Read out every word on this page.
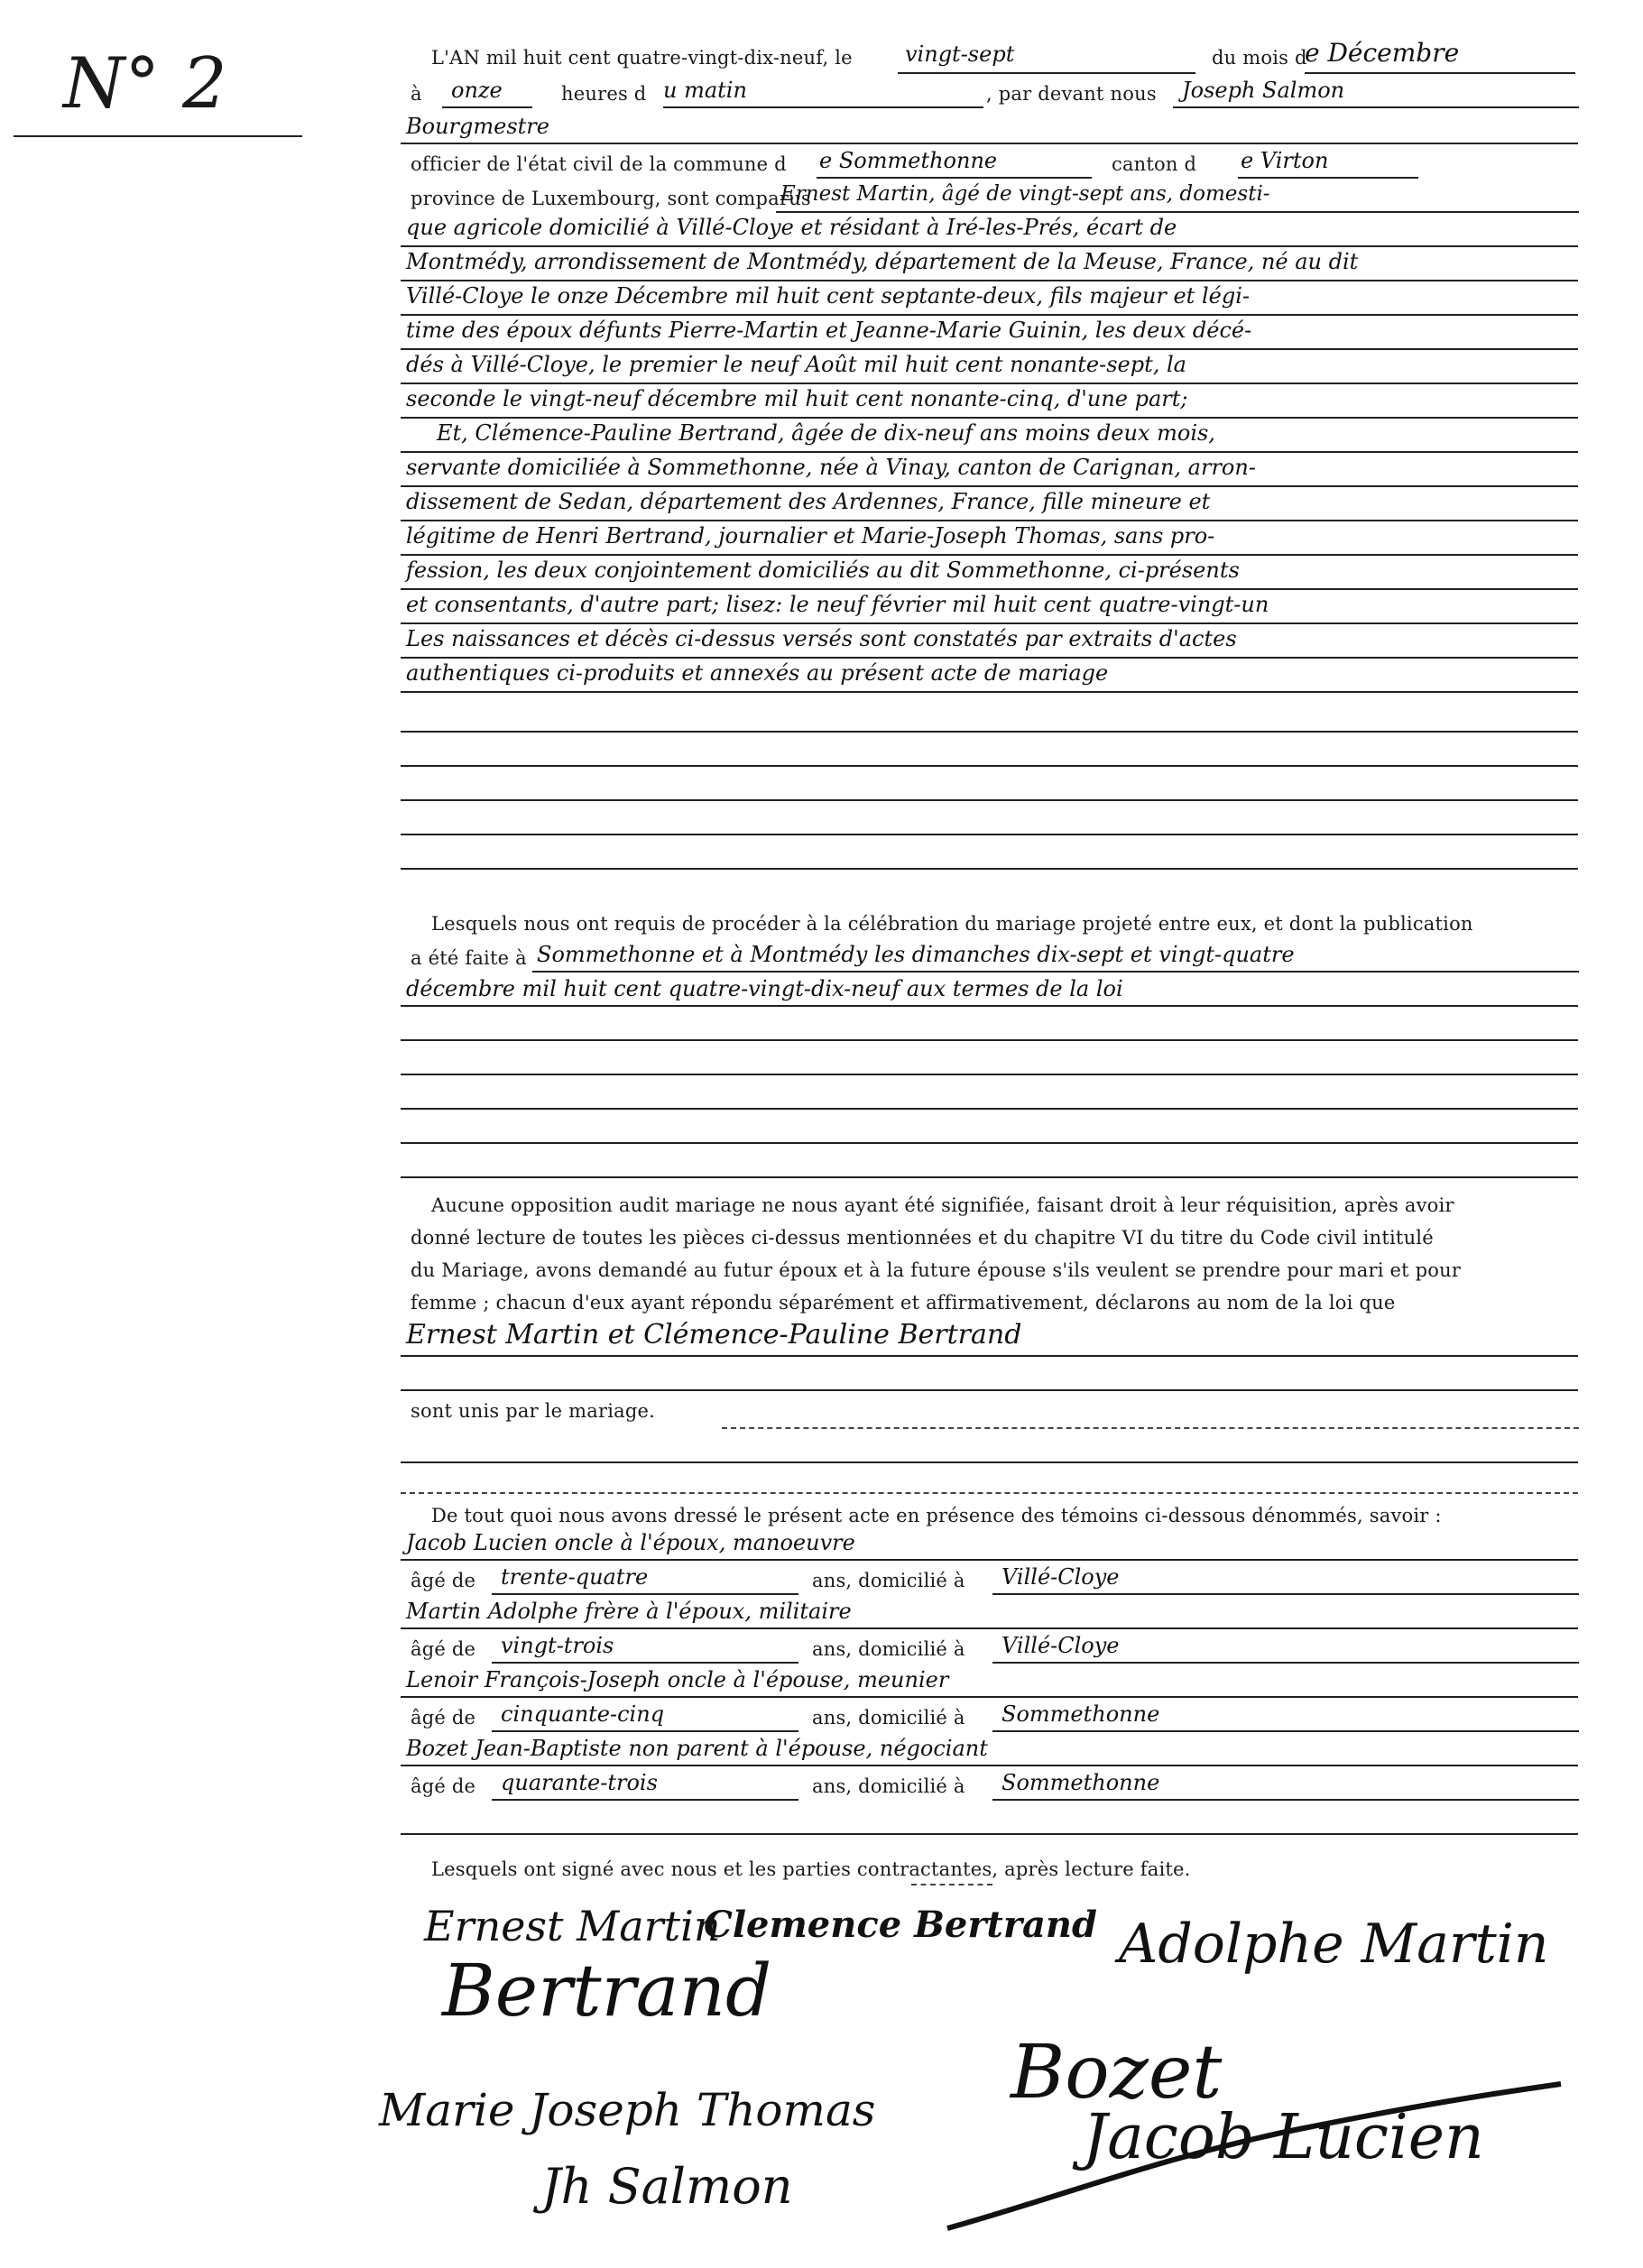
N° 2	L'AN mil huit cent quatre-vingt-dix-neuf, le vingt-sept	du mois d
e Décembre
à onze	heures d u matin	, par devant nous Joseph Salmon
Bourgmestre
officier de l'état civil de la commune d e Sommethonne	canton d e Virton
province de Luxembourg, sont comparus
Ernest Martin, âgé de vingt-sept ans, domesti-
que agricole domicilié à Villé-Cloye et résidant à Iré-les-Prés, écart de
Montmédy, arrondissement de Montmédy, département de la Meuse, France, né au dit
Villé-Cloye le onze Décembre mil huit cent septante-deux, fils majeur et légi-
time des époux défunts Pierre-Martin et Jeanne-Marie Guinin, les deux décé-
dés à Villé-Cloye, le premier le neuf Août mil huit cent nonante-sept, la
seconde le vingt-neuf décembre mil huit cent nonante-cinq, d'une part;
Et, Clémence-Pauline Bertrand, âgée de dix-neuf ans moins deux mois,
servante domiciliée à Sommethonne, née à Vinay, canton de Carignan, arron-
dissement de Sedan, département des Ardennes, France, fille mineure et
légitime de Henri Bertrand, journalier et Marie-Joseph Thomas, sans pro-
fession, les deux conjointement domiciliés au dit Sommethonne, ci-présents
et consentants, d'autre part; lisez: le neuf février mil huit cent quatre-vingt-un
Les naissances et décès ci-dessus versés sont constatés par extraits d'actes
authentiques ci-produits et annexés au présent acte de mariage
Lesquels nous ont requis de procéder à la célébration du mariage projeté entre eux, et dont la publication
a été faite à Sommethonne et à Montmédy les dimanches dix-sept et vingt-quatre
décembre mil huit cent quatre-vingt-dix-neuf aux termes de la loi
Aucune opposition audit mariage ne nous ayant été signifiée, faisant droit à leur réquisition, après avoir
donné lecture de toutes les pièces ci-dessus mentionnées et du chapitre VI du titre du Code civil intitulé
du Mariage, avons demandé au futur époux et à la future épouse s'ils veulent se prendre pour mari et pour
femme ; chacun d'eux ayant répondu séparément et affirmativement, déclarons au nom de la loi que
Ernest Martin et Clémence-Pauline Bertrand
sont unis par le mariage.
De tout quoi nous avons dressé le présent acte en présence des témoins ci-dessous dénommés, savoir :
Jacob Lucien oncle à l'époux, manoeuvre
âgé de trente-quatre	ans, domicilié à Villé-Cloye
Martin Adolphe frère à l'époux, militaire
âgé de vingt-trois	ans, domicilié à Villé-Cloye
Lenoir François-Joseph oncle à l'épouse, meunier
âgé de cinquante-cinq	ans, domicilié à Sommethonne
Bozet Jean-Baptiste non parent à l'épouse, négociant
âgé de quarante-trois	ans, domicilié à Sommethonne
Lesquels ont signé avec nous et les parties contractantes, après lecture faite.
Ernest Martin
Clemence Bertrand Adolphe Martin
Bertrand
Bozet
Marie Joseph Thomas	Jacob Lucien
Jh Salmon
